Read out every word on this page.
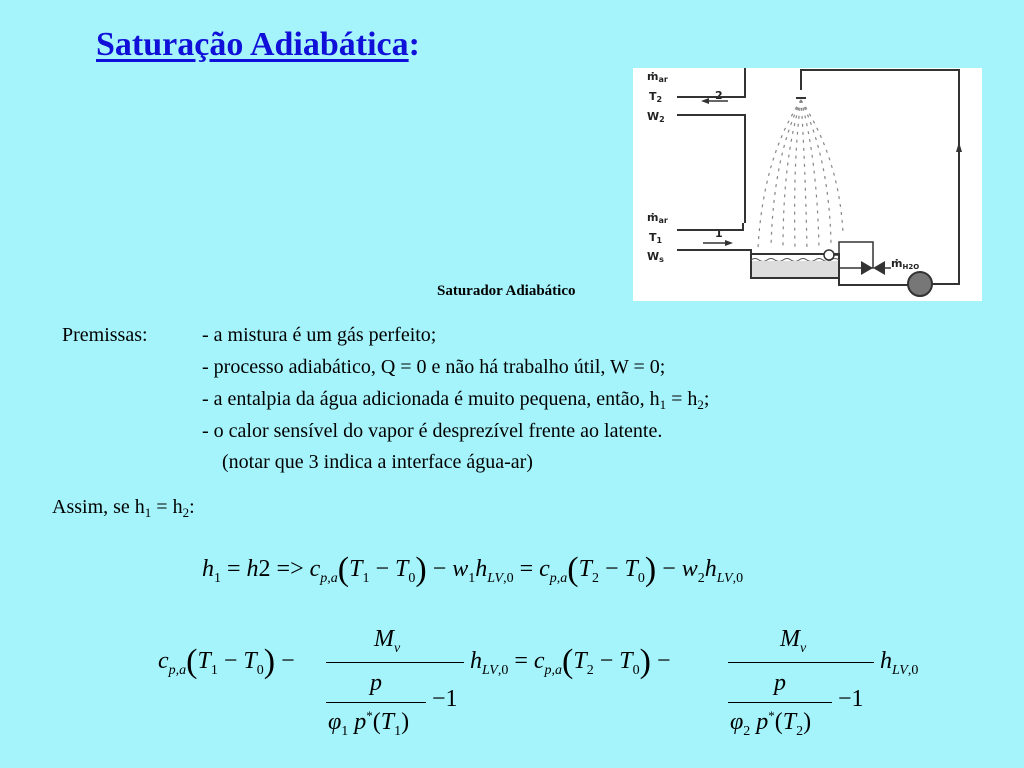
Saturação Adiabática:
ṁar
T2
W2
ṁar
T1
Ws
2
1
ṁH2O
Saturador Adiabático
Premissas:	- a mistura é um gás perfeito;
- processo adiabático, Q = 0 e não há trabalho útil, W = 0;
- a entalpia da água adicionada é muito pequena, então, $h_1 = h_2$;
- o calor sensível do vapor é desprezível frente ao latente.
(notar que 3 indica a interface água-ar)
Assim, se $h_1 = h_2$:
$h_1 = h2 => c_{p,a}(T_1 - T_0) - w_1h_{LV,0} = c_{p,a}(T_2 - T_0) - w_2h_{LV,0}$
$c_{p,a}(T_1 - T_0)$ −
$M_v$
p
−1
$\varphi_1$ $p^*(T_1)$
$h_{LV,0} = c_{p,a}(T_2 - T_0)$ −
$M_v$
p
−1
$\varphi_2$ $p^*(T_2)$
$h_{LV,0}$
